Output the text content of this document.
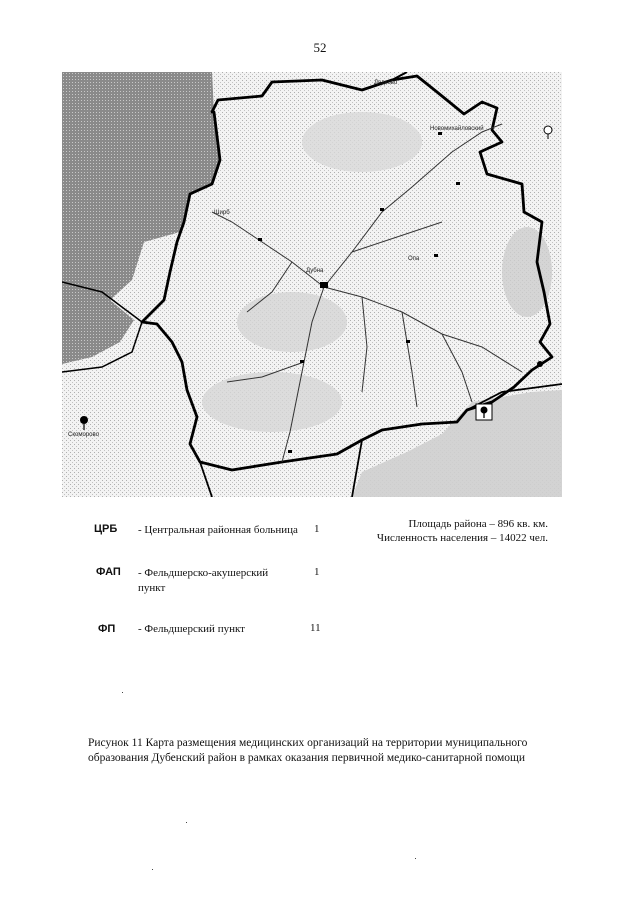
52
Дедково
Новомихайловский
Скоморово
Дубна
Ширб
Опа
ЦРБ - Центральная районная больница 1
ФАП - Фельдшерско-акушерский пункт
1
ФП - Фельдшерский пункт	11
Площадь района – 896 кв. км.
Численность населения – 14022 чел.
Рисунок 11 Карта размещения медицинских организаций на территории муниципального образования Дубенский район в рамках оказания первичной медико-санитарной помощи
